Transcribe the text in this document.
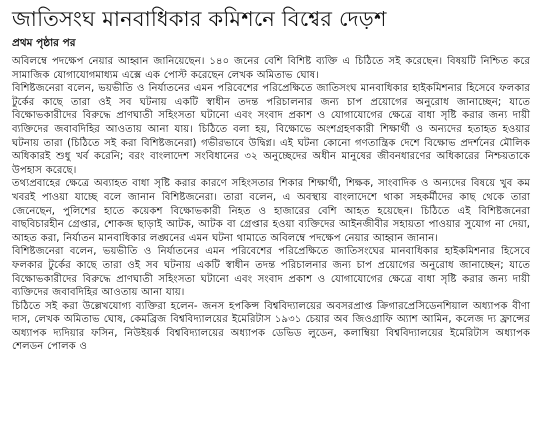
জাতিসংঘ মানবাধিকার কমিশনে বিশ্বের দেড়শ
প্রথম পৃষ্ঠার পর

অবিলম্বে পদক্ষেপ নেয়ার আহ্বান জানিয়েছেন। ১৪০ জনের বেশি বিশিষ্ট ব্যক্তি এ চিঠিতে সই করেছেন। বিষয়টি নিশ্চিত করে সামাজিক যোগাযোগমাধ্যম এক্সে এক পোস্ট করেছেন লেখক অমিতাভ ঘোষ।

বিশিষ্টজনেরা বলেন, ভয়ভীতি ও নির্যাতনের এমন পরিবেশের পরিপ্রেক্ষিতে জাতিসংঘ মানবাধিকার হাইকমিশনার হিসেবে ফলকার টুর্কের কাছে তারা ওই সব ঘটনায় একটি স্বাধীন তদন্ত পরিচালনার জন্য চাপ প্রয়োগের অনুরোধ জানাচ্ছেন; যাতে বিক্ষোভকারীদের বিরুদ্ধে প্রাণঘাতী সহিংসতা ঘটানো এবং সংবাদ প্রকাশ ও যোগাযোগের ক্ষেত্রে বাধা সৃষ্টি করার জন্য দায়ী ব্যক্তিদের জবাবদিহির আওতায় আনা যায়। চিঠিতে বলা হয়, বিক্ষোভে অংশগ্রহণকারী শিক্ষার্থী ও অন্যদের হতাহত হওয়ার ঘটনায় তারা (চিঠিতে সই করা বিশিষ্টজনেরা) গভীরভাবে উদ্বিগ্ন। এই ঘটনা কোনো গণতান্ত্রিক দেশে বিক্ষোভ প্রদর্শনের মৌলিক অধিকারই শুধু খর্ব করেনি; বরং বাংলাদেশ সংবিধানের ৩২ অনুচ্ছেদের অধীন মানুষের জীবনধারণের অধিকারের নিশ্চয়তাকে উপহাস করেছে।

তথ্যপ্রবাহের ক্ষেত্রে অব্যাহত বাধা সৃষ্টি করার কারণে সহিংসতার শিকার শিক্ষার্থী, শিক্ষক, সাংবাদিক ও অন্যদের বিষয়ে খুব কম খবরই পাওয়া যাচ্ছে বলে জানান বিশিষ্টজনেরা। তারা বলেন, এ অবস্থায় বাংলাদেশে থাকা সহকর্মীদের কাছ থেকে তারা জেনেছেন, পুলিশের হাতে কয়েকশ বিক্ষোভকারী নিহত ও হাজারের বেশি আহত হয়েছেন। চিঠিতে এই বিশিষ্টজনেরা বাছবিচারহীন গ্রেপ্তার, শোকজ ছাড়াই আটক, আটক বা গ্রেপ্তার হওয়া ব্যক্তিদের আইনজীবীর সহায়তা পাওয়ার সুযোগ না দেয়া, আহত করা, নির্যাতন মানবাধিকার লঙ্ঘনের এমন ঘটনা থামাতে অবিলম্বে পদক্ষেপ নেয়ার আহ্বান জানান।

বিশিষ্টজনেরা বলেন, ভয়ভীতি ও নির্যাতনের এমন পরিবেশের পরিপ্রেক্ষিতে জাতিসংঘের মানবাধিকার হাইকমিশনার হিসেবে ফলকার টুর্কের কাছে তারা ওই সব ঘটনায় একটি স্বাধীন তদন্ত পরিচালনার জন্য চাপ প্রয়োগের অনুরোধ জানাচ্ছেন; যাতে বিক্ষোভকারীদের বিরুদ্ধে প্রাণঘাতী সহিংসতা ঘটানো এবং সংবাদ প্রকাশ ও যোগাযোগের ক্ষেত্রে বাধা সৃষ্টি করার জন্য দায়ী ব্যক্তিদের জবাবদিহির আওতায় আনা যায়।

চিঠিতে সই করা উল্লেখযোগ্য ব্যক্তিরা হলেন- জনস হপকিন্স বিশ্ববিদ্যালয়ের অবসরপ্রাপ্ত ক্রিগারপ্রেসিডেনশিয়াল অধ্যাপক বীণা দাস, লেখক অমিতাভ ঘোষ, কেমব্রিজ বিশ্ববিদ্যালয়ের ইমেরিটাস ১৯৩১ চেয়ার অব জিওগ্রাফি অ্যাশ আমিন, কলেজ দ্য ফ্রান্সের অধ্যাপক দ্যদিয়ার ফসিন, নিউইয়র্ক বিশ্ববিদ্যালয়ের অধ্যাপক ডেভিড লুডেন, কলাম্বিয়া বিশ্ববিদ্যালয়ের ইমেরিটাস অধ্যাপক শেলডন পোলক ও
